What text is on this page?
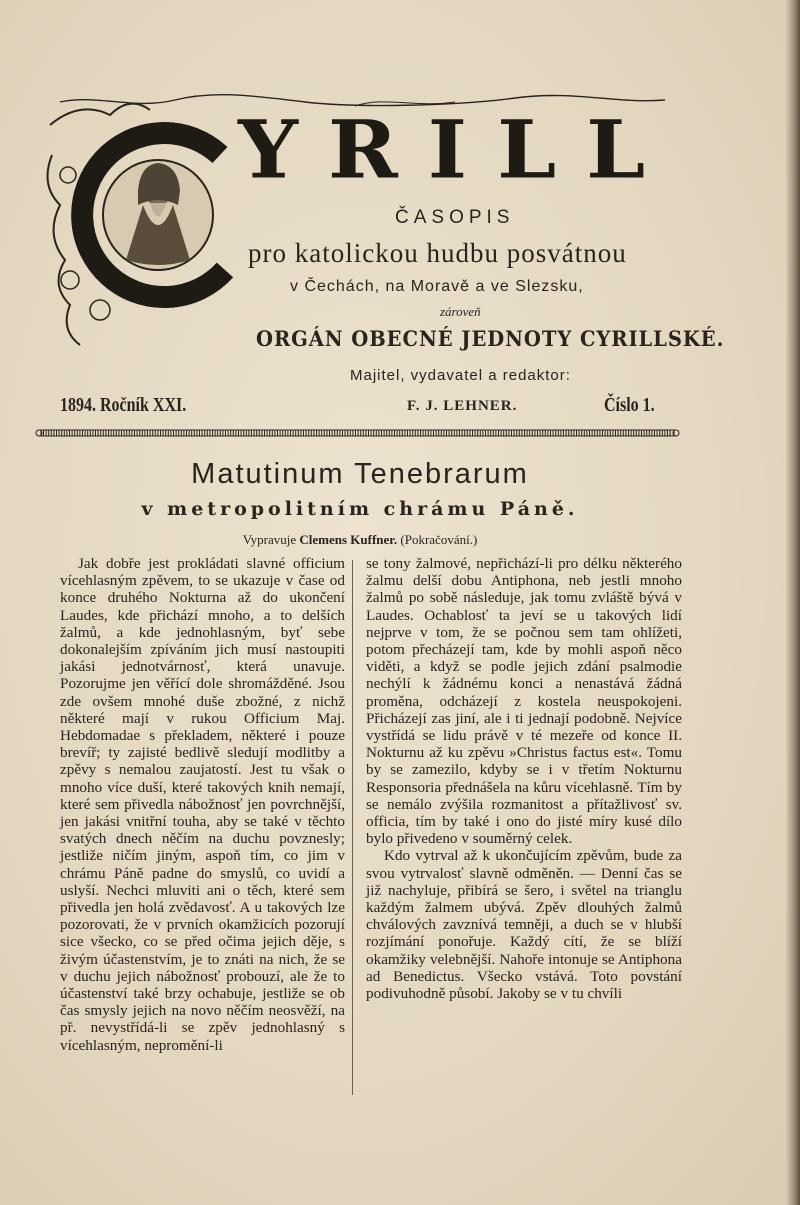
YRILL
ČASOPIS
pro katolickou hudbu posvátnou
v Čechách, na Moravě a ve Slezsku,
zároveň
ORGÁN OBECNÉ JEDNOTY CYRILLSKÉ.
Majitel, vydavatel a redaktor:
1894. Ročník XXI.	F. J. LEHNER.	Číslo 1.
Matutinum Tenebrarum
v metropolitním chrámu Páně.
Vypravuje Clemens Kuffner. (Pokračování.)

Jak dobře jest prokládati slavné officium vícehlasným zpěvem, to se ukazuje v čase od konce druhého Nokturna až do ukončení Laudes, kde přichází mnoho, a to delších žalmů, a kde jednohlasným, byť sebe dokonalejším zpíváním jich musí nastoupiti jakási jednotvárnosť, která unavuje. Pozorujme jen věřící dole shromážděné. Jsou zde ovšem mnohé duše zbožné, z nichž některé mají v rukou Officium Maj. Hebdomadae s překladem, některé i pouze brevíř; ty zajisté bedlivě sledují modlitby a zpěvy s nemalou zaujatostí. Jest tu však o mnoho více duší, které takových knih nemají, které sem přivedla nábožnosť jen povrchnější, jen jakási vnitřní touha, aby se také v těchto svatých dnech něčím na duchu povznesly; jestliže ničím jiným, aspoň tím, co jim v chrámu Páně padne do smyslů, co uvidí a uslyší. Nechci mluviti ani o těch, které sem přivedla jen holá zvědavosť. A u takových lze pozorovati, že v prvních okamžicích pozorují sice všecko, co se před očima jejich děje, s živým účastenstvím, je to znáti na nich, že se v duchu jejich nábožnosť probouzí, ale že to účastenství také brzy ochabuje, jestliže se ob čas smysly jejich na novo něčím neosvěží, na př. nevystřídá-li se zpěv jednohlasný s vícehlasným, nepromění-li

se tony žalmové, nepřichází-li pro délku některého žalmu delší dobu Antiphona, neb jestli mnoho žalmů po sobě následuje, jak tomu zvláště bývá v Laudes. Ochablosť ta jeví se u takových lidí nejprve v tom, že se počnou sem tam ohlížeti, potom přecházejí tam, kde by mohli aspoň něco viděti, a když se podle jejich zdání psalmodie nechýlí k žádnému konci a nenastává žádná proměna, odcházejí z kostela neuspokojeni. Přicházejí zas jiní, ale i ti jednají podobně. Nejvíce vystřídá se lidu právě v té mezeře od konce II. Nokturnu až ku zpěvu »Christus factus est«. Tomu by se zamezilo, kdyby se i v třetím Nokturnu Responsoria přednášela na kůru vícehlasně. Tím by se nemálo zvýšila rozmanitost a přítažlivosť sv. officia, tím by také i ono do jisté míry kusé dílo bylo přivedeno v souměrný celek.

Kdo vytrval až k ukončujícím zpěvům, bude za svou vytrvalosť slavně odměněn. — Denní čas se již nachyluje, přibírá se šero, i světel na trianglu každým žalmem ubývá. Zpěv dlouhých žalmů chválových zavznívá temněji, a duch se v hlubší rozjímání ponořuje. Každý cítí, že se blíží okamžiky velebnější. Nahoře intonuje se Antiphona ad Benedictus. Všecko vstává. Toto povstání podivuhodně působí. Jakoby se v tu chvíli
